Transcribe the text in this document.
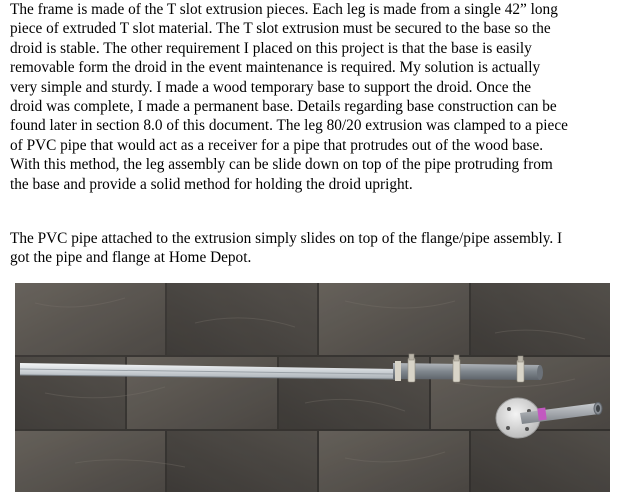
The frame is made of the T slot extrusion pieces. Each leg is made from a single 42” long
piece of extruded T slot material. The T slot extrusion must be secured to the base so the
droid is stable. The other requirement I placed on this project is that the base is easily
removable form the droid in the event maintenance is required. My solution is actually
very simple and sturdy. I made a wood temporary base to support the droid. Once the
droid was complete, I made a permanent base. Details regarding base construction can be
found later in section 8.0 of this document. The leg 80/20 extrusion was clamped to a piece
of PVC pipe that would act as a receiver for a pipe that protrudes out of the wood base.
With this method, the leg assembly can be slide down on top of the pipe protruding from
the base and provide a solid method for holding the droid upright.

The PVC pipe attached to the extrusion simply slides on top of the flange/pipe assembly. I
got the pipe and flange at Home Depot.
